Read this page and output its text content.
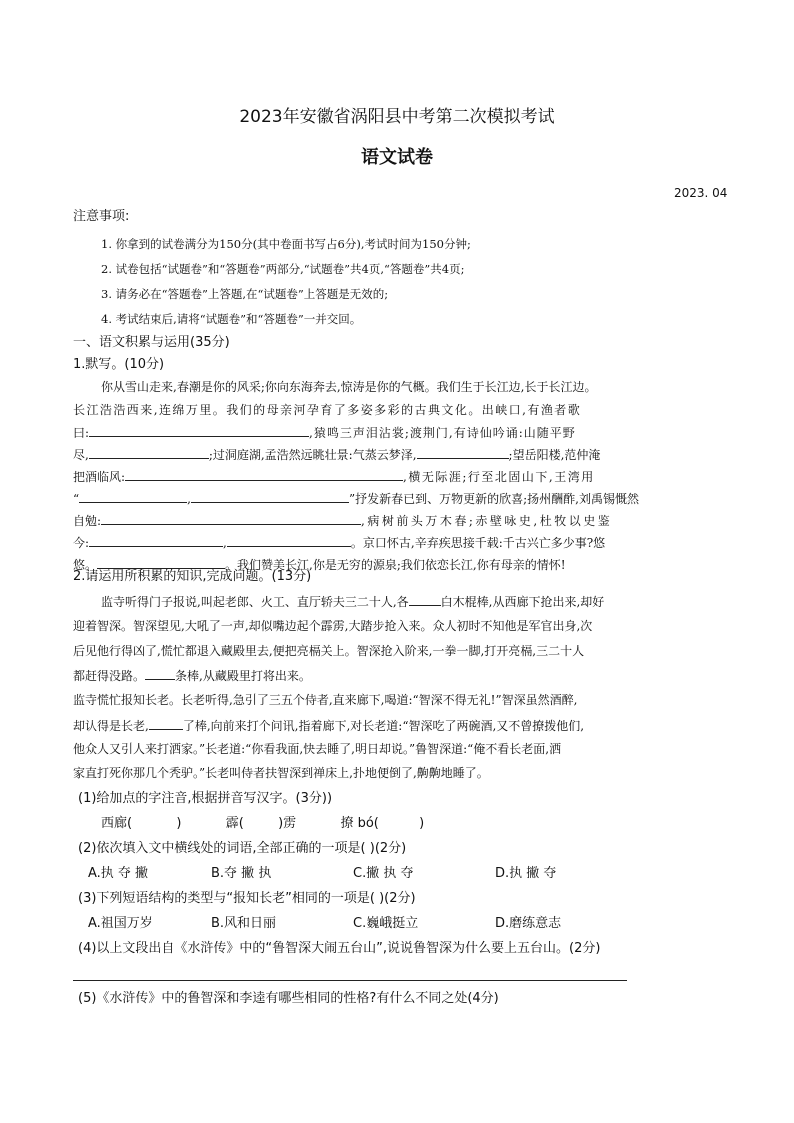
2023年安徽省涡阳县中考第二次模拟考试
语文试卷
2023. 04
注意事项:
1. 你拿到的试卷满分为150分(其中卷面书写占6分),考试时间为150分钟;
2. 试卷包括“试题卷”和“答题卷”两部分,“试题卷”共4页,“答题卷”共4页;
3. 请务必在“答题卷”上答题,在“试题卷”上答题是无效的;
4. 考试结束后,请将“试题卷”和“答题卷”一并交回。
一、语文积累与运用(35分)
1.默写。(10分)
你从雪山走来,春潮是你的风采;你向东海奔去,惊涛是你的气概。我们生于长江边,长于长江边。
长江浩浩西来,连绵万里。我们的母亲河孕育了多姿多彩的古典文化。出峡口,有渔者歌
曰:	,猿鸣三声泪沾裳;渡荆门,有诗仙吟诵:山随平野
尽,	;过洞庭湖,孟浩然远眺壮景:气蒸云梦泽,	;望岳阳楼,范仲淹
把酒临风:	,横无际涯;行至北固山下,王湾用
“	,	”抒发新春已到、万物更新的欣喜;扬州酬酢,刘禹锡慨然
自勉:	,病树前头万木春;赤壁咏史,杜牧以史鉴
今:	,	。京口怀古,辛弃疾思接千载:千古兴亡多少事?悠
悠。	。我们赞美长江,你是无穷的源泉;我们依恋长江,你有母亲的情怀!
2.请运用所积累的知识,完成问题。(13分)
监寺听得门子报说,叫起老郎、火工、直厅轿夫三二十人,各	白木棍棒,从西廊下抢出来,却好
迎着智深。智深望见,大吼了一声,却似嘴边起个霹雳,大踏步抢入来。众人初时不知他是军官出身,次
后见他行得凶了,慌忙都退入藏殿里去,便把亮槅关上。智深抢入阶来,一拳一脚,打开亮槅,三二十人
都赶得没路。	条棒,从藏殿里打将出来。
监寺慌忙报知长老。长老听得,急引了三五个侍者,直来廊下,喝道:“智深不得无礼!”智深虽然酒醉,
却认得是长老,	了棒,向前来打个问讯,指着廊下,对长老道:“智深吃了两碗酒,又不曾撩拨他们,
他众人又引人来打洒家。”长老道:“你看我面,快去睡了,明日却说。”鲁智深道:“俺不看长老面,洒
家直打死你那几个秃驴。”长老叫侍者扶智深到禅床上,扑地便倒了,齁齁地睡了。
(1)给加点的字注音,根据拼音写汉字。(3分))
西廊(	)	霹(	)雳	撩 bó(	)
(2)依次填入文中横线处的词语,全部正确的一项是( )(2分)
A.执 夺 撇	B.夺 撇 执	C.撇 执 夺	D.执 撇 夺
(3)下列短语结构的类型与“报知长老”相同的一项是( )(2分)
A.祖国万岁	B.风和日丽	C.巍峨挺立	D.磨练意志
(4)以上文段出自《水浒传》中的“鲁智深大闹五台山”,说说鲁智深为什么要上五台山。(2分)
(5)《水浒传》中的鲁智深和李逵有哪些相同的性格?有什么不同之处(4分)
